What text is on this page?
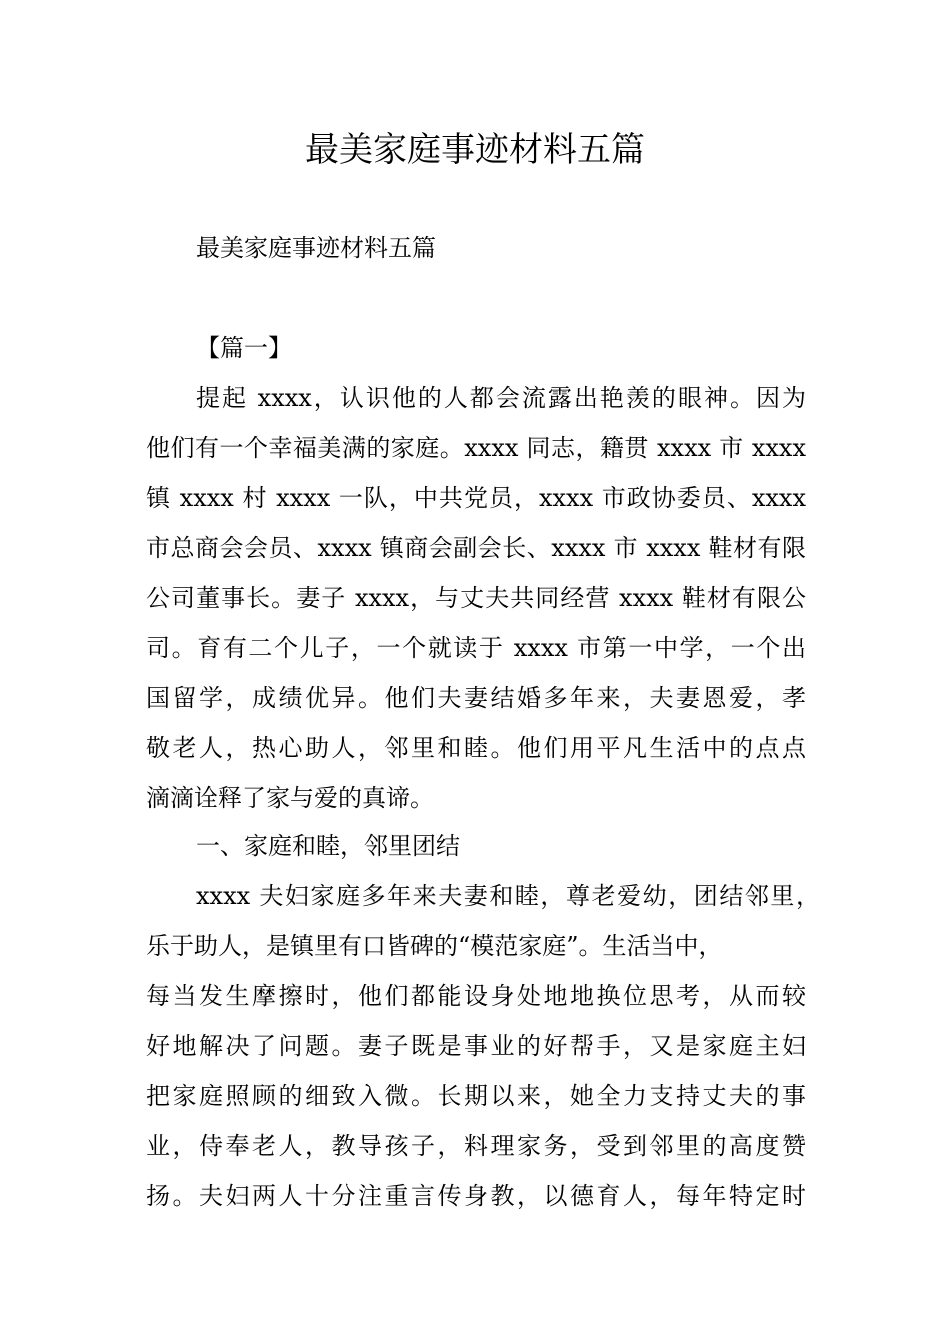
最美家庭事迹材料五篇

最美家庭事迹材料五篇

【篇一】

提起 xxxx，认识他的人都会流露出艳羡的眼神。因为

他们有一个幸福美满的家庭。xxxx 同志，籍贯 xxxx 市 xxxx

镇 xxxx 村 xxxx 一队，中共党员，xxxx 市政协委员、xxxx

市总商会会员、xxxx 镇商会副会长、xxxx 市 xxxx 鞋材有限

公司董事长。妻子 xxxx，与丈夫共同经营 xxxx 鞋材有限公

司。育有二个儿子，一个就读于 xxxx 市第一中学，一个出

国留学，成绩优异。他们夫妻结婚多年来，夫妻恩爱，孝

敬老人，热心助人，邻里和睦。他们用平凡生活中的点点

滴滴诠释了家与爱的真谛。

一、家庭和睦，邻里团结

xxxx 夫妇家庭多年来夫妻和睦，尊老爱幼，团结邻里，

乐于助人，是镇里有口皆碑的“模范家庭”。生活当中，

每当发生摩擦时，他们都能设身处地地换位思考，从而较

好地解决了问题。妻子既是事业的好帮手，又是家庭主妇

把家庭照顾的细致入微。长期以来，她全力支持丈夫的事

业，侍奉老人，教导孩子，料理家务，受到邻里的高度赞

扬。夫妇两人十分注重言传身教，以德育人，每年特定时
